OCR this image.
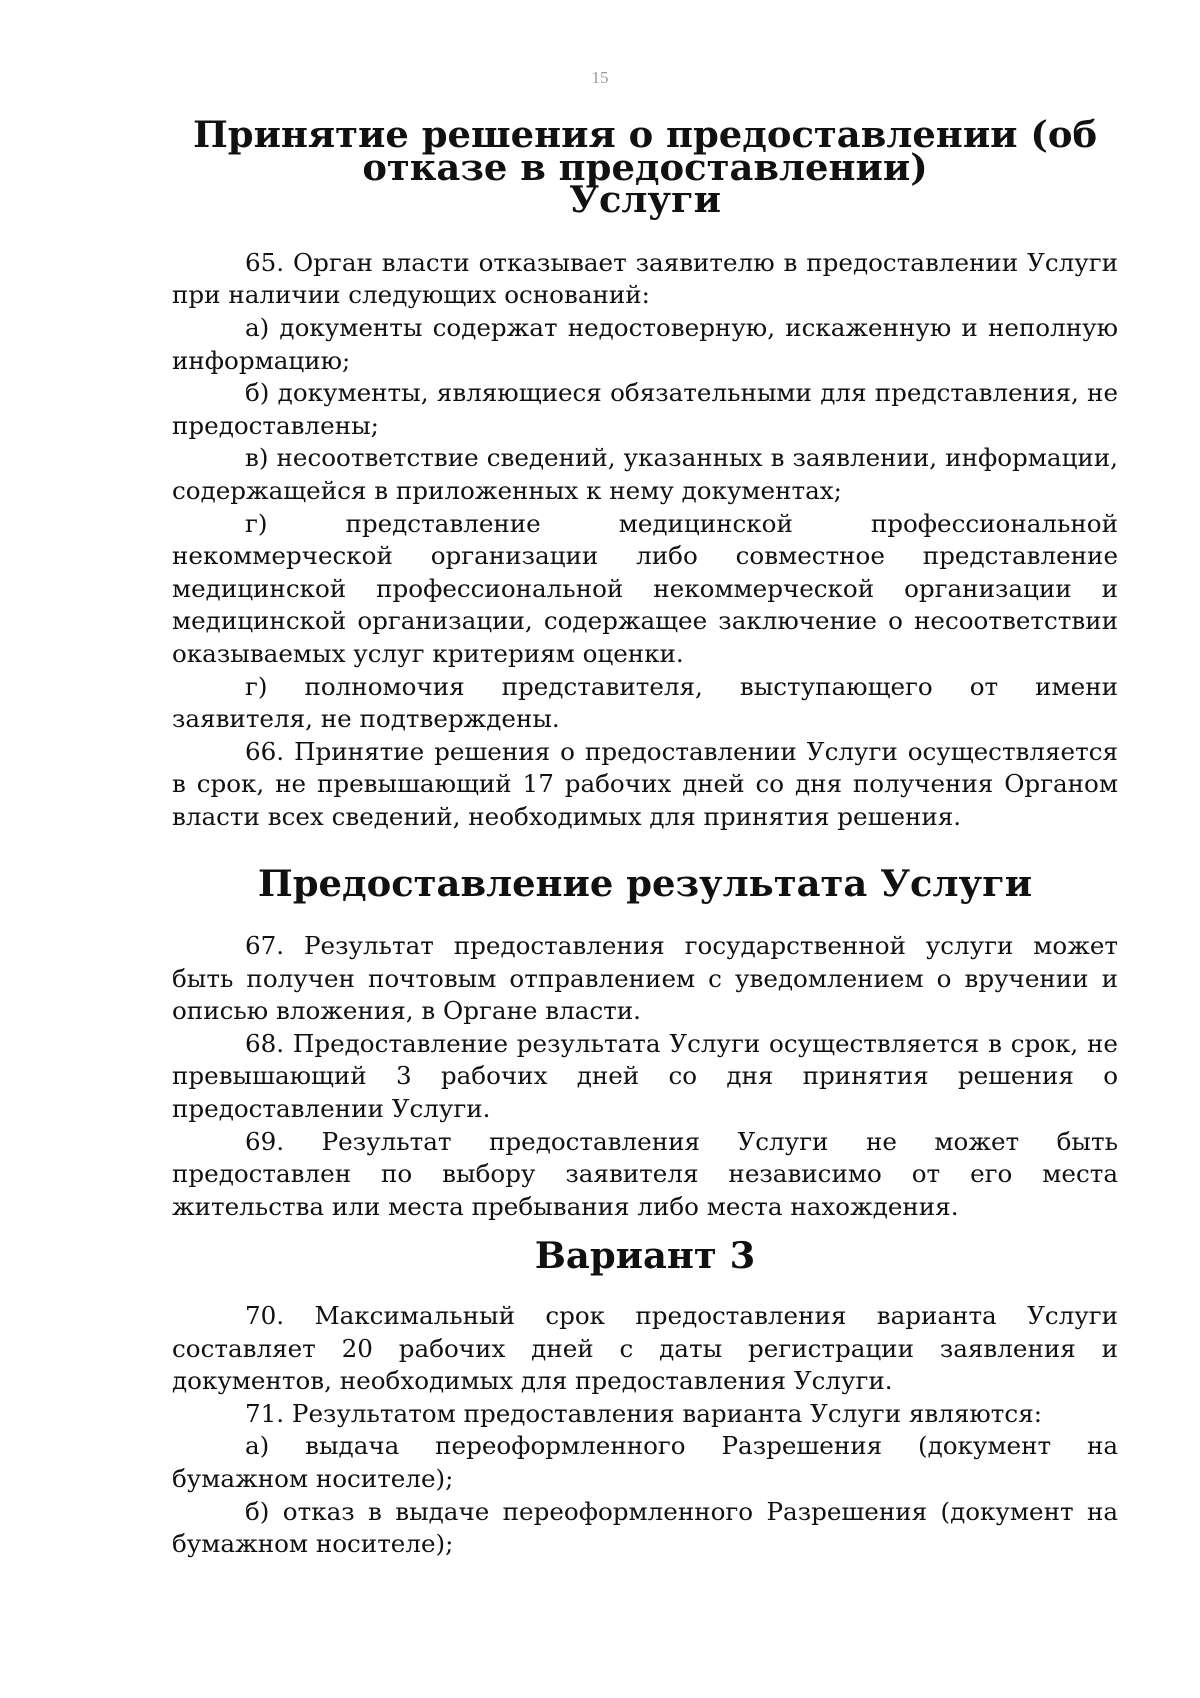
15
Принятие решения о предоставлении (об отказе в предоставлении)
Услуги

65. Орган власти отказывает заявителю в предоставлении Услуги при наличии следующих оснований:

а) документы содержат недостоверную, искаженную и неполную информацию;

б) документы, являющиеся обязательными для представления, не предоставлены;

в) несоответствие сведений, указанных в заявлении, информации, содержащейся в приложенных к нему документах;

г) представление медицинской профессиональной некоммерческой организации либо совместное представление медицинской профессиональной некоммерческой организации и медицинской организации, содержащее заключение о несоответствии оказываемых услуг критериям оценки.

г) полномочия представителя, выступающего от имени заявителя, не подтверждены.

66. Принятие решения о предоставлении Услуги осуществляется в срок, не превышающий 17 рабочих дней со дня получения Органом власти всех сведений, необходимых для принятия решения.

Предоставление результата Услуги

67. Результат предоставления государственной услуги может быть получен почтовым отправлением с уведомлением о вручении и описью вложения, в Органе власти.

68. Предоставление результата Услуги осуществляется в срок, не превышающий 3 рабочих дней со дня принятия решения о предоставлении Услуги.

69. Результат предоставления Услуги не может быть предоставлен по выбору заявителя независимо от его места жительства или места пребывания либо места нахождения.

Вариант 3

70. Максимальный срок предоставления варианта Услуги составляет 20 рабочих дней с даты регистрации заявления и документов, необходимых для предоставления Услуги.

71. Результатом предоставления варианта Услуги являются:

а) выдача переоформленного Разрешения (документ на бумажном носителе);

б) отказ в выдаче переоформленного Разрешения (документ на бумажном носителе);
